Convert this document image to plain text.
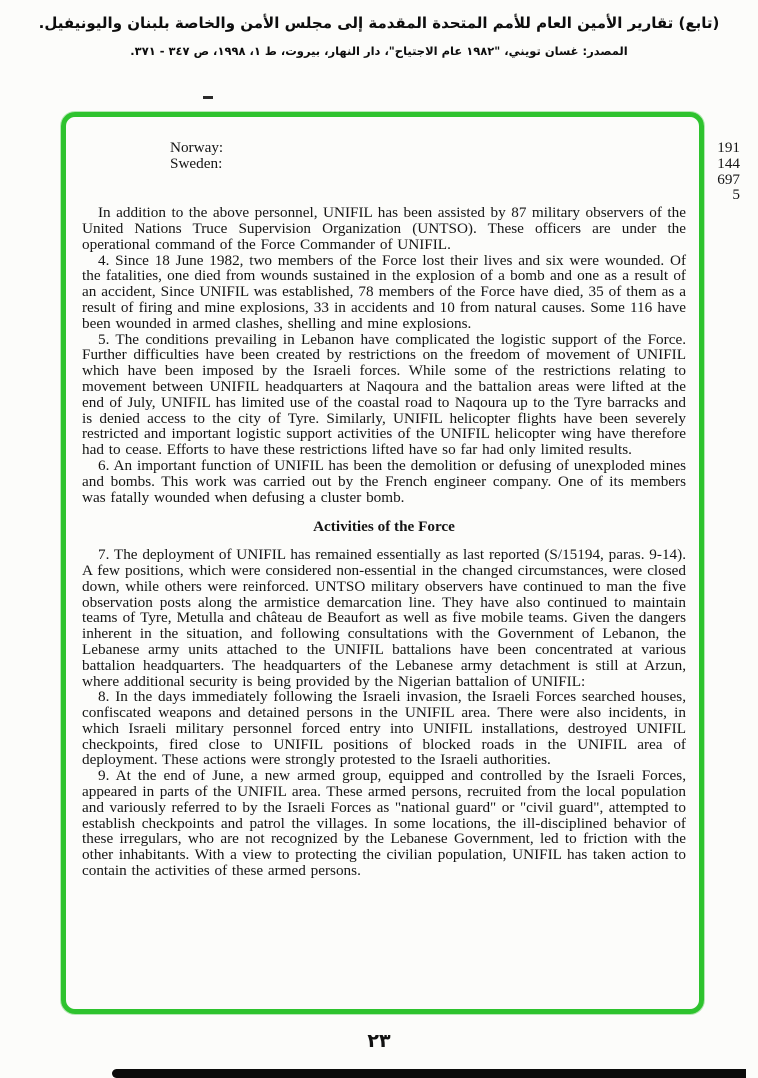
(تابع) تقارير الأمين العام للأمم المتحدة المقدمة إلى مجلس الأمن والخاصة بلبنان واليونيفيل.
المصدر: غسان تويني، "١٩٨٢ عام الاجتياح"، دار النهار، بيروت، ط ١، ١٩٩٨، ص ٣٤٧ - ٣٧١.
Norway:	191
Sweden:	144
697
5

In addition to the above personnel, UNIFIL has been assisted by 87 military observers of the United Nations Truce Supervision Organization (UNTSO). These officers are under the operational command of the Force Commander of UNIFIL.

4. Since 18 June 1982, two members of the Force lost their lives and six were wounded. Of the fatalities, one died from wounds sustained in the explosion of a bomb and one as a result of an accident, Since UNIFIL was established, 78 members of the Force have died, 35 of them as a result of firing and mine explosions, 33 in accidents and 10 from natural causes. Some 116 have been wounded in armed clashes, shelling and mine explosions.

5. The conditions prevailing in Lebanon have complicated the logistic support of the Force. Further difficulties have been created by restrictions on the freedom of movement of UNIFIL which have been imposed by the Israeli forces. While some of the restrictions relating to movement between UNIFIL headquarters at Naqoura and the battalion areas were lifted at the end of July, UNIFIL has limited use of the coastal road to Naqoura up to the Tyre barracks and is denied access to the city of Tyre. Similarly, UNIFIL helicopter flights have been severely restricted and important logistic support activities of the UNIFIL helicopter wing have therefore had to cease. Efforts to have these restrictions lifted have so far had only limited results.

6. An important function of UNIFIL has been the demolition or defusing of unexploded mines and bombs. This work was carried out by the French engineer company. One of its members was fatally wounded when defusing a cluster bomb.

Activities of the Force

7. The deployment of UNIFIL has remained essentially as last reported (S/15194, paras. 9-14). A few positions, which were considered non-essential in the changed circumstances, were closed down, while others were reinforced. UNTSO military observers have continued to man the five observation posts along the armistice demarcation line. They have also continued to maintain teams of Tyre, Metulla and château de Beaufort as well as five mobile teams. Given the dangers inherent in the situation, and following consultations with the Government of Lebanon, the Lebanese army units attached to the UNIFIL battalions have been concentrated at various battalion headquarters. The headquarters of the Lebanese army detachment is still at Arzun, where additional security is being provided by the Nigerian battalion of UNIFIL:

8. In the days immediately following the Israeli invasion, the Israeli Forces searched houses, confiscated weapons and detained persons in the UNIFIL area. There were also incidents, in which Israeli military personnel forced entry into UNIFIL installations, destroyed UNIFIL checkpoints, fired close to UNIFIL positions of blocked roads in the UNIFIL area of deployment. These actions were strongly protested to the Israeli authorities.

9. At the end of June, a new armed group, equipped and controlled by the Israeli Forces, appeared in parts of the UNIFIL area. These armed persons, recruited from the local population and variously referred to by the Israeli Forces as "national guard" or "civil guard", attempted to establish checkpoints and patrol the villages. In some locations, the ill-disciplined behavior of these irregulars, who are not recognized by the Lebanese Government, led to friction with the other inhabitants. With a view to protecting the civilian population, UNIFIL has taken action to contain the activities of these armed persons.

٢٣
